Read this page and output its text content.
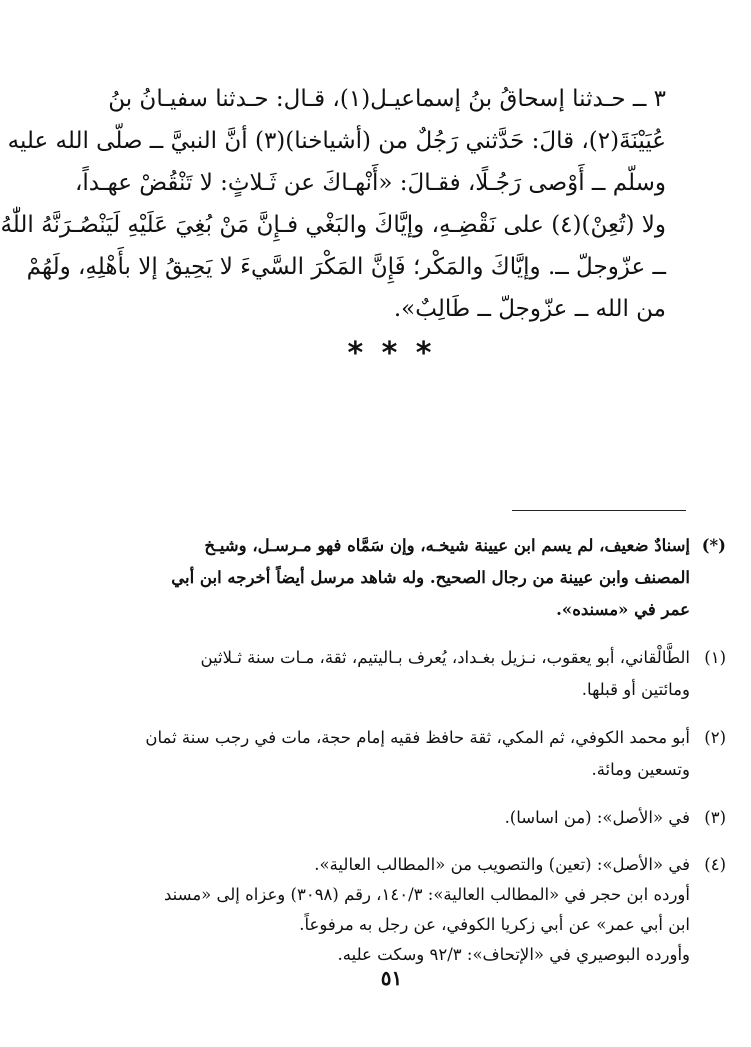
٣ ــ حـدثنا إسحاقُ بنُ إسماعيـل(١)، قـال: حـدثنا سفيـانُ بنُ
عُيَيْنَةَ(٢)، قالَ: حَدَّثني رَجُلٌ من (أشياخنا)(٣) أنَّ النبيَّ ــ صلّى الله عليه
وسلّم ــ أَوْصى رَجُـلًا، فقـالَ: «أَنْهـاكَ عن ثَـلاثٍ: لا تَنْقُضْ عهـداً،
ولا (تُعِنْ)(٤) على نَقْضِـهِ، وإيَّاكَ والبَغْي فـإِنَّ مَنْ بُغِيَ عَلَيْهِ لَيَنْصُـرَنَّهُ اللّٰهُ
ــ عزّوجلّ ــ. وإيَّاكَ والمَكْر؛ فَإِنَّ المَكْرَ السَّيءَ لا يَحِيقُ إلا بأَهْلِهِ، ولَهُمْ
من الله ــ عزّوجلّ ــ طَالِبٌ».
* * *
(*)إسنادٌ ضعيف، لم يسم ابن عيينة شيخـه، وإن سَمَّاه فهو مـرسـل، وشيـخ
المصنف وابن عيينة من رجال الصحيح. وله شاهد مرسل أيضاً أخرجه ابن أبي
عمر في «مسنده».
(١)الطَّالْقاني، أبو يعقوب، نـزيل بغـداد، يُعرف بـاليتيم، ثقة، مـات سنة ثـلاثين
ومائتين أو قبلها.
(٢)أبو محمد الكوفي، ثم المكي، ثقة حافظ فقيه إمام حجة، مات في رجب سنة ثمان
وتسعين ومائة.
(٣)في «الأصل»: (من اساسا).
(٤)في «الأصل»: (تعين) والتصويب من «المطالب العالية».
أورده ابن حجر في «المطالب العالية»: ١٤٠/٣، رقم (٣٠٩٨) وعزاه إلى «مسند
ابن أبي عمر» عن أبي زكريا الكوفي، عن رجل به مرفوعاً.
وأورده البوصيري في «الإتحاف»: ٩٢/٣ وسكت عليه.
٥١
